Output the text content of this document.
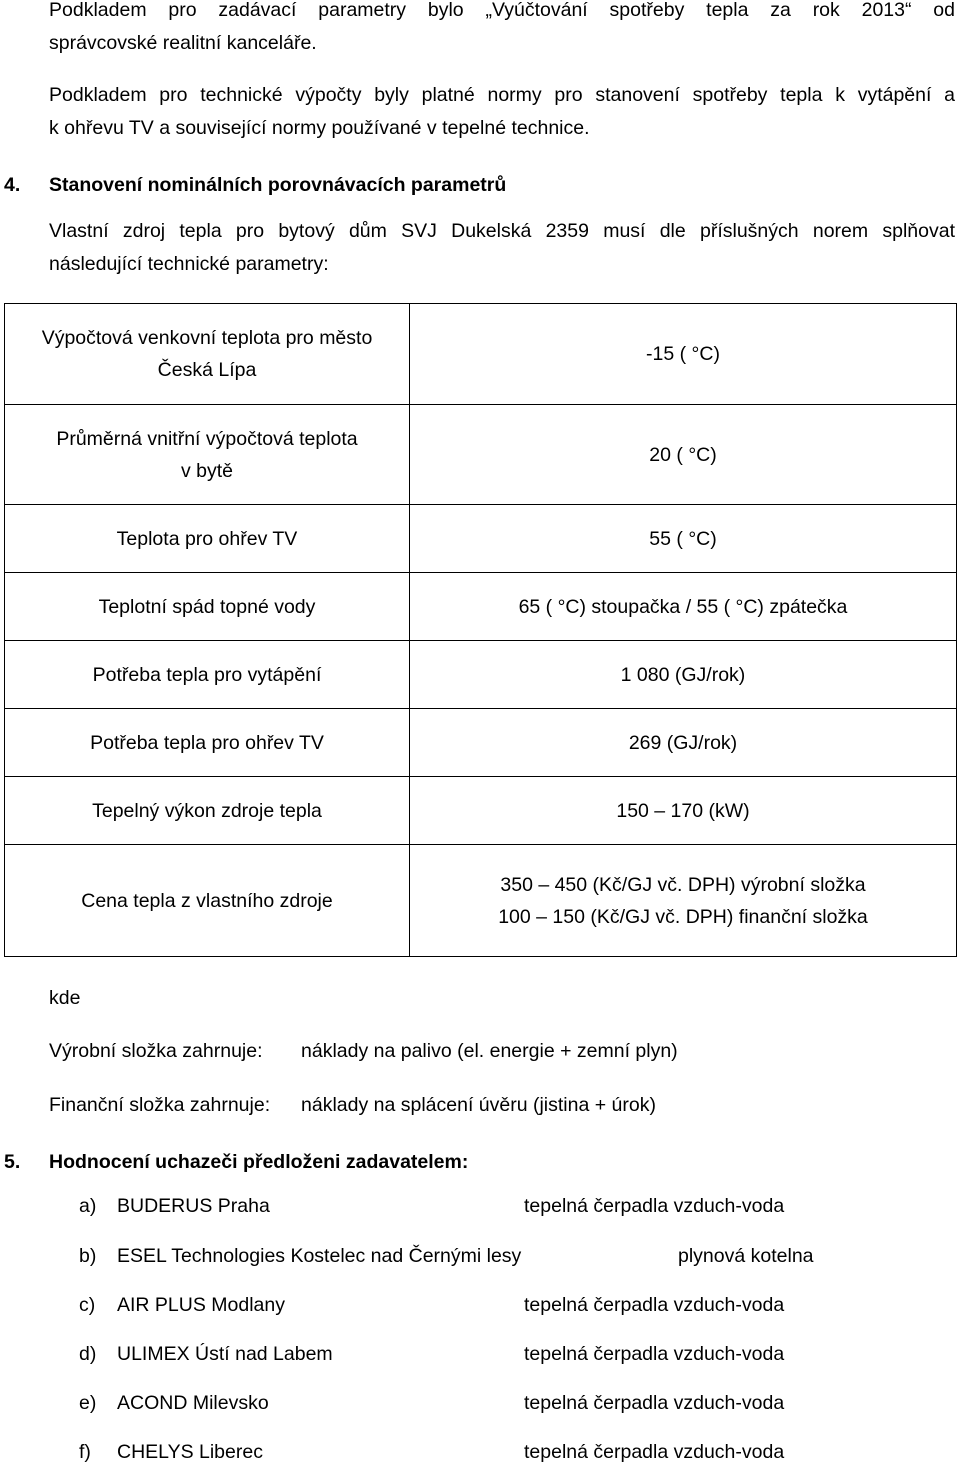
Podkladem pro zadávací parametry bylo „Vyúčtování spotřeby tepla za rok 2013“ od
správcovské realitní kanceláře.
Podkladem pro technické výpočty byly platné normy pro stanovení spotřeby tepla k vytápění a
k ohřevu TV a související normy používané v tepelné technice.
4. Stanovení nominálních porovnávacích parametrů
Vlastní zdroj tepla pro bytový dům SVJ Dukelská 2359 musí dle příslušných norem splňovat
následující technické parametry:
Výpočtová venkovní teplota pro město
Česká Lípa	-15 ( °C)

Průměrná vnitřní výpočtová teplota
v bytě	20 ( °C)

Teplota pro ohřev TV	55 ( °C)

Teplotní spád topné vody	65 ( °C) stoupačka / 55 ( °C) zpátečka

Potřeba tepla pro vytápění	1 080 (GJ/rok)

Potřeba tepla pro ohřev TV	269 (GJ/rok)

Tepelný výkon zdroje tepla	150 – 170 (kW)

Cena tepla z vlastního zdroje	350 – 450 (Kč/GJ vč. DPH) výrobní složka
100 – 150 (Kč/GJ vč. DPH) finanční složka
kde
Výrobní složka zahrnuje: náklady na palivo (el. energie + zemní plyn)
Finanční složka zahrnuje: náklady na splácení úvěru (jistina + úrok)
5. Hodnocení uchazeči předloženi zadavatelem:
a) BUDERUS Praha	tepelná čerpadla vzduch-voda
b) ESEL Technologies Kostelec nad Černými lesy	plynová kotelna
c) AIR PLUS Modlany	tepelná čerpadla vzduch-voda
d) ULIMEX Ústí nad Labem	tepelná čerpadla vzduch-voda
e) ACOND Milevsko	tepelná čerpadla vzduch-voda
f) CHELYS Liberec	tepelná čerpadla vzduch-voda
